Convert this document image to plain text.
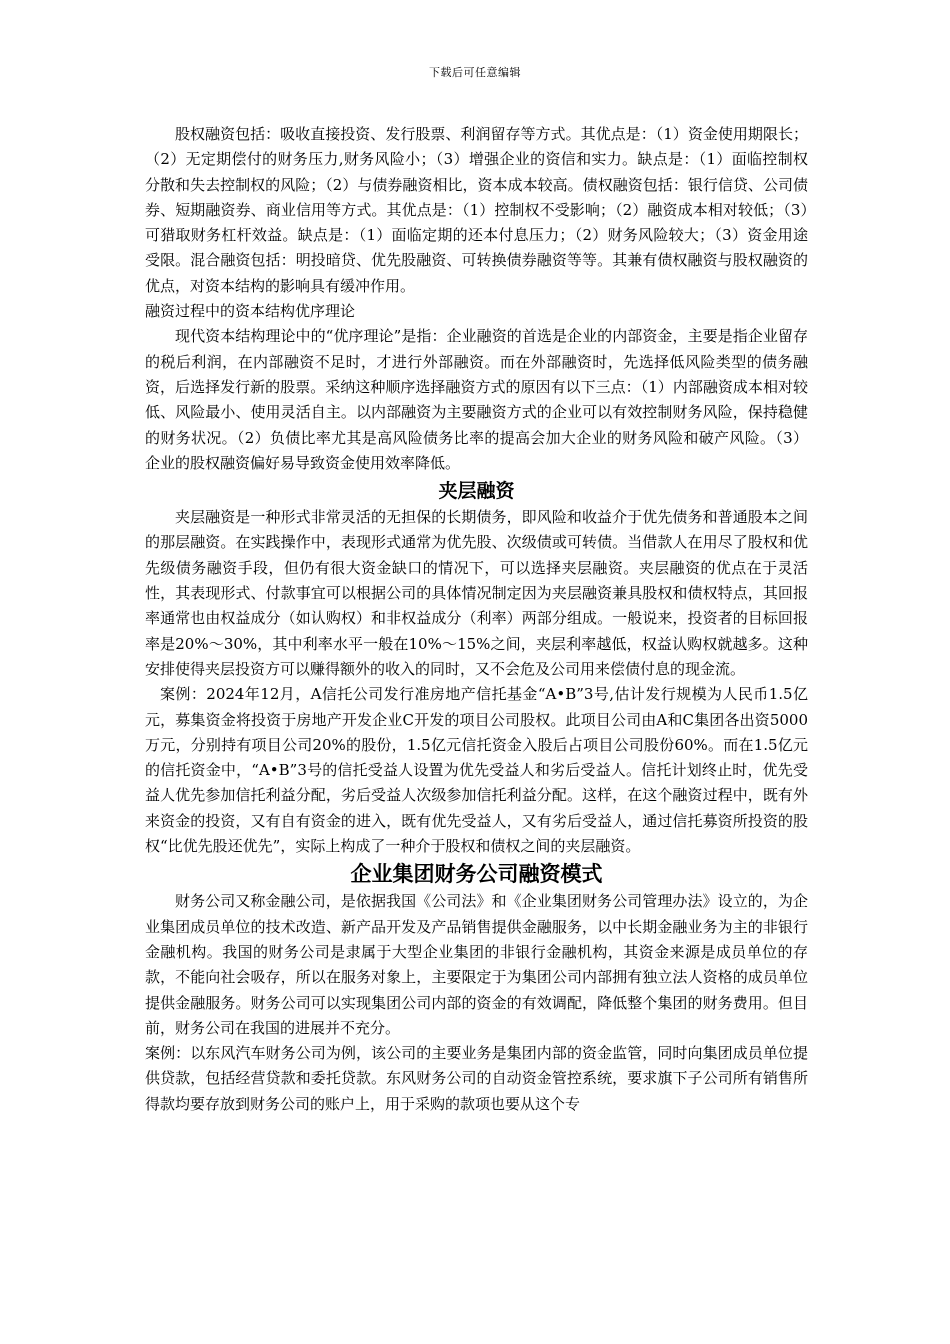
下载后可任意编辑

股权融资包括：吸收直接投资、发行股票、利润留存等方式。其优点是：（1）资金使用期限长；（2）无定期偿付的财务压力,财务风险小；（3）增强企业的资信和实力。缺点是：（1）面临控制权分散和失去控制权的风险；（2）与债券融资相比，资本成本较高。债权融资包括：银行信贷、公司债券、短期融资券、商业信用等方式。其优点是：（1）控制权不受影响；（2）融资成本相对较低；（3）可猎取财务杠杆效益。缺点是：（1）面临定期的还本付息压力；（2）财务风险较大；（3）资金用途受限。混合融资包括：明投暗贷、优先股融资、可转换债券融资等等。其兼有债权融资与股权融资的优点，对资本结构的影响具有缓冲作用。

融资过程中的资本结构优序理论

现代资本结构理论中的“优序理论”是指：企业融资的首选是企业的内部资金，主要是指企业留存的税后利润，在内部融资不足时，才进行外部融资。而在外部融资时，先选择低风险类型的债务融资，后选择发行新的股票。采纳这种顺序选择融资方式的原因有以下三点：（1）内部融资成本相对较低、风险最小、使用灵活自主。以内部融资为主要融资方式的企业可以有效控制财务风险，保持稳健的财务状况。（2）负债比率尤其是高风险债务比率的提高会加大企业的财务风险和破产风险。（3）企业的股权融资偏好易导致资金使用效率降低。

夹层融资

夹层融资是一种形式非常灵活的无担保的长期债务，即风险和收益介于优先债务和普通股本之间的那层融资。在实践操作中，表现形式通常为优先股、次级债或可转债。当借款人在用尽了股权和优先级债务融资手段，但仍有很大资金缺口的情况下，可以选择夹层融资。夹层融资的优点在于灵活性，其表现形式、付款事宜可以根据公司的具体情况制定因为夹层融资兼具股权和债权特点，其回报率通常也由权益成分（如认购权）和非权益成分（利率）两部分组成。一般说来，投资者的目标回报率是20%～30%，其中利率水平一般在10%～15%之间，夹层利率越低，权益认购权就越多。这种安排使得夹层投资方可以赚得额外的收入的同时，又不会危及公司用来偿债付息的现金流。

案例：2024年12月，A信托公司发行准房地产信托基金“A•B”3号,估计发行规模为人民币1.5亿元，募集资金将投资于房地产开发企业C开发的项目公司股权。此项目公司由A和C集团各出资5000万元，分别持有项目公司20%的股份，1.5亿元信托资金入股后占项目公司股份60%。而在1.5亿元的信托资金中，“A•B”3号的信托受益人设置为优先受益人和劣后受益人。信托计划终止时，优先受益人优先参加信托利益分配，劣后受益人次级参加信托利益分配。这样，在这个融资过程中，既有外来资金的投资，又有自有资金的进入，既有优先受益人，又有劣后受益人，通过信托募资所投资的股权“比优先股还优先”，实际上构成了一种介于股权和债权之间的夹层融资。

企业集团财务公司融资模式

财务公司又称金融公司，是依据我国《公司法》和《企业集团财务公司管理办法》设立的，为企业集团成员单位的技术改造、新产品开发及产品销售提供金融服务，以中长期金融业务为主的非银行金融机构。我国的财务公司是隶属于大型企业集团的非银行金融机构，其资金来源是成员单位的存款，不能向社会吸存，所以在服务对象上，主要限定于为集团公司内部拥有独立法人资格的成员单位提供金融服务。财务公司可以实现集团公司内部的资金的有效调配，降低整个集团的财务费用。但目前，财务公司在我国的进展并不充分。

案例：以东风汽车财务公司为例，该公司的主要业务是集团内部的资金监管，同时向集团成员单位提供贷款，包括经营贷款和委托贷款。东风财务公司的自动资金管控系统，要求旗下子公司所有销售所得款均要存放到财务公司的账户上，用于采购的款项也要从这个专
